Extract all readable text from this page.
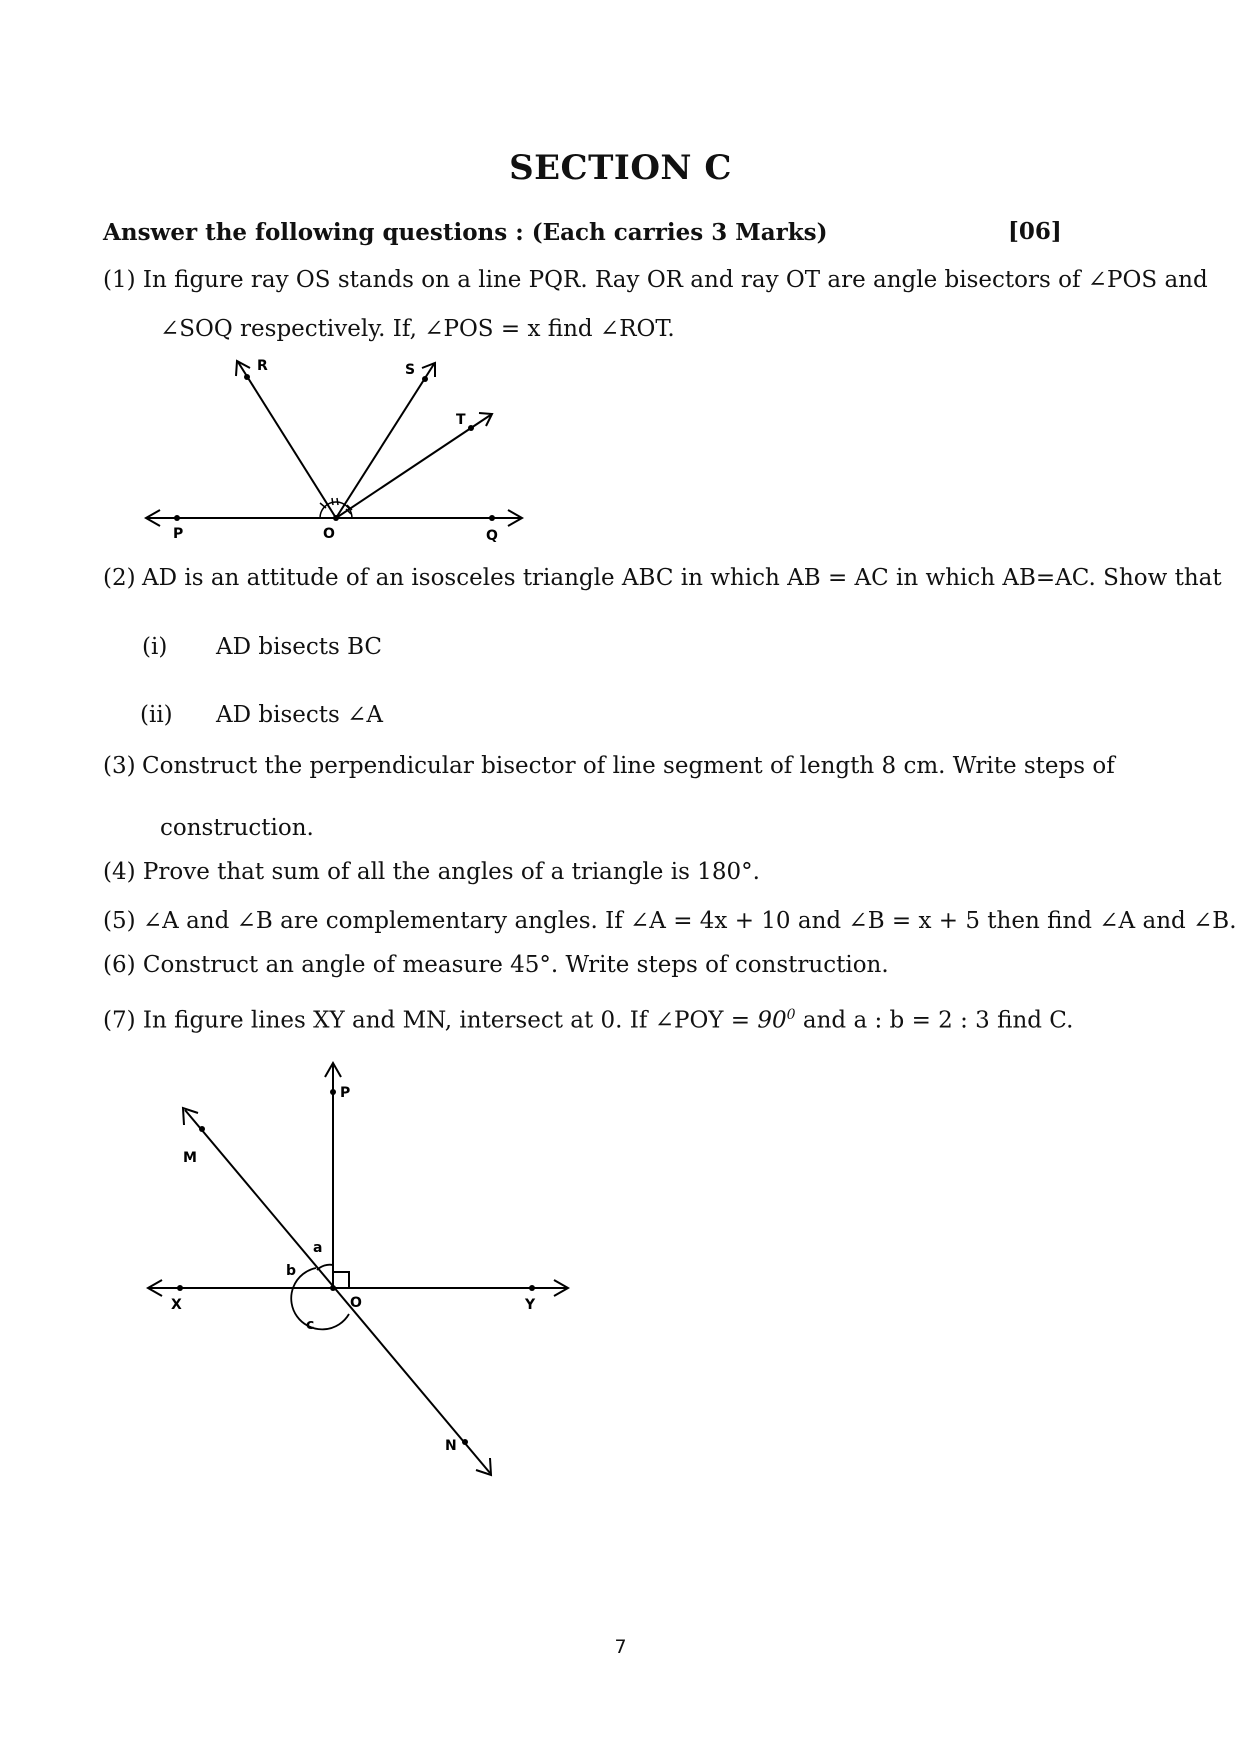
SECTION C
Answer the following questions : (Each carries 3 Marks)	[06]
(1) In figure ray OS stands on a line PQR. Ray OR and ray OT are angle bisectors of ∠POS and
∠SOQ respectively. If, ∠POS = x find ∠ROT.
R	S
T
P	O	Q
(2) AD is an attitude of an isosceles triangle ABC in which AB = AC in which AB=AC. Show that
(i) AD bisects BC
(ii) AD bisects ∠A
(3) Construct the perpendicular bisector of line segment of length 8 cm. Write steps of
construction.
(4) Prove that sum of all the angles of a triangle is 180°.
(5) ∠A and ∠B are complementary angles. If ∠A = 4x + 10 and ∠B = x + 5 then find ∠A and ∠B.
(6) Construct an angle of measure 45°. Write steps of construction.
(7) In figure lines XY and MN, intersect at 0. If ∠POY = $90^0$ and a : b = 2 : 3 find C.
P
M
X	O	Y
N
a
b
c
7
